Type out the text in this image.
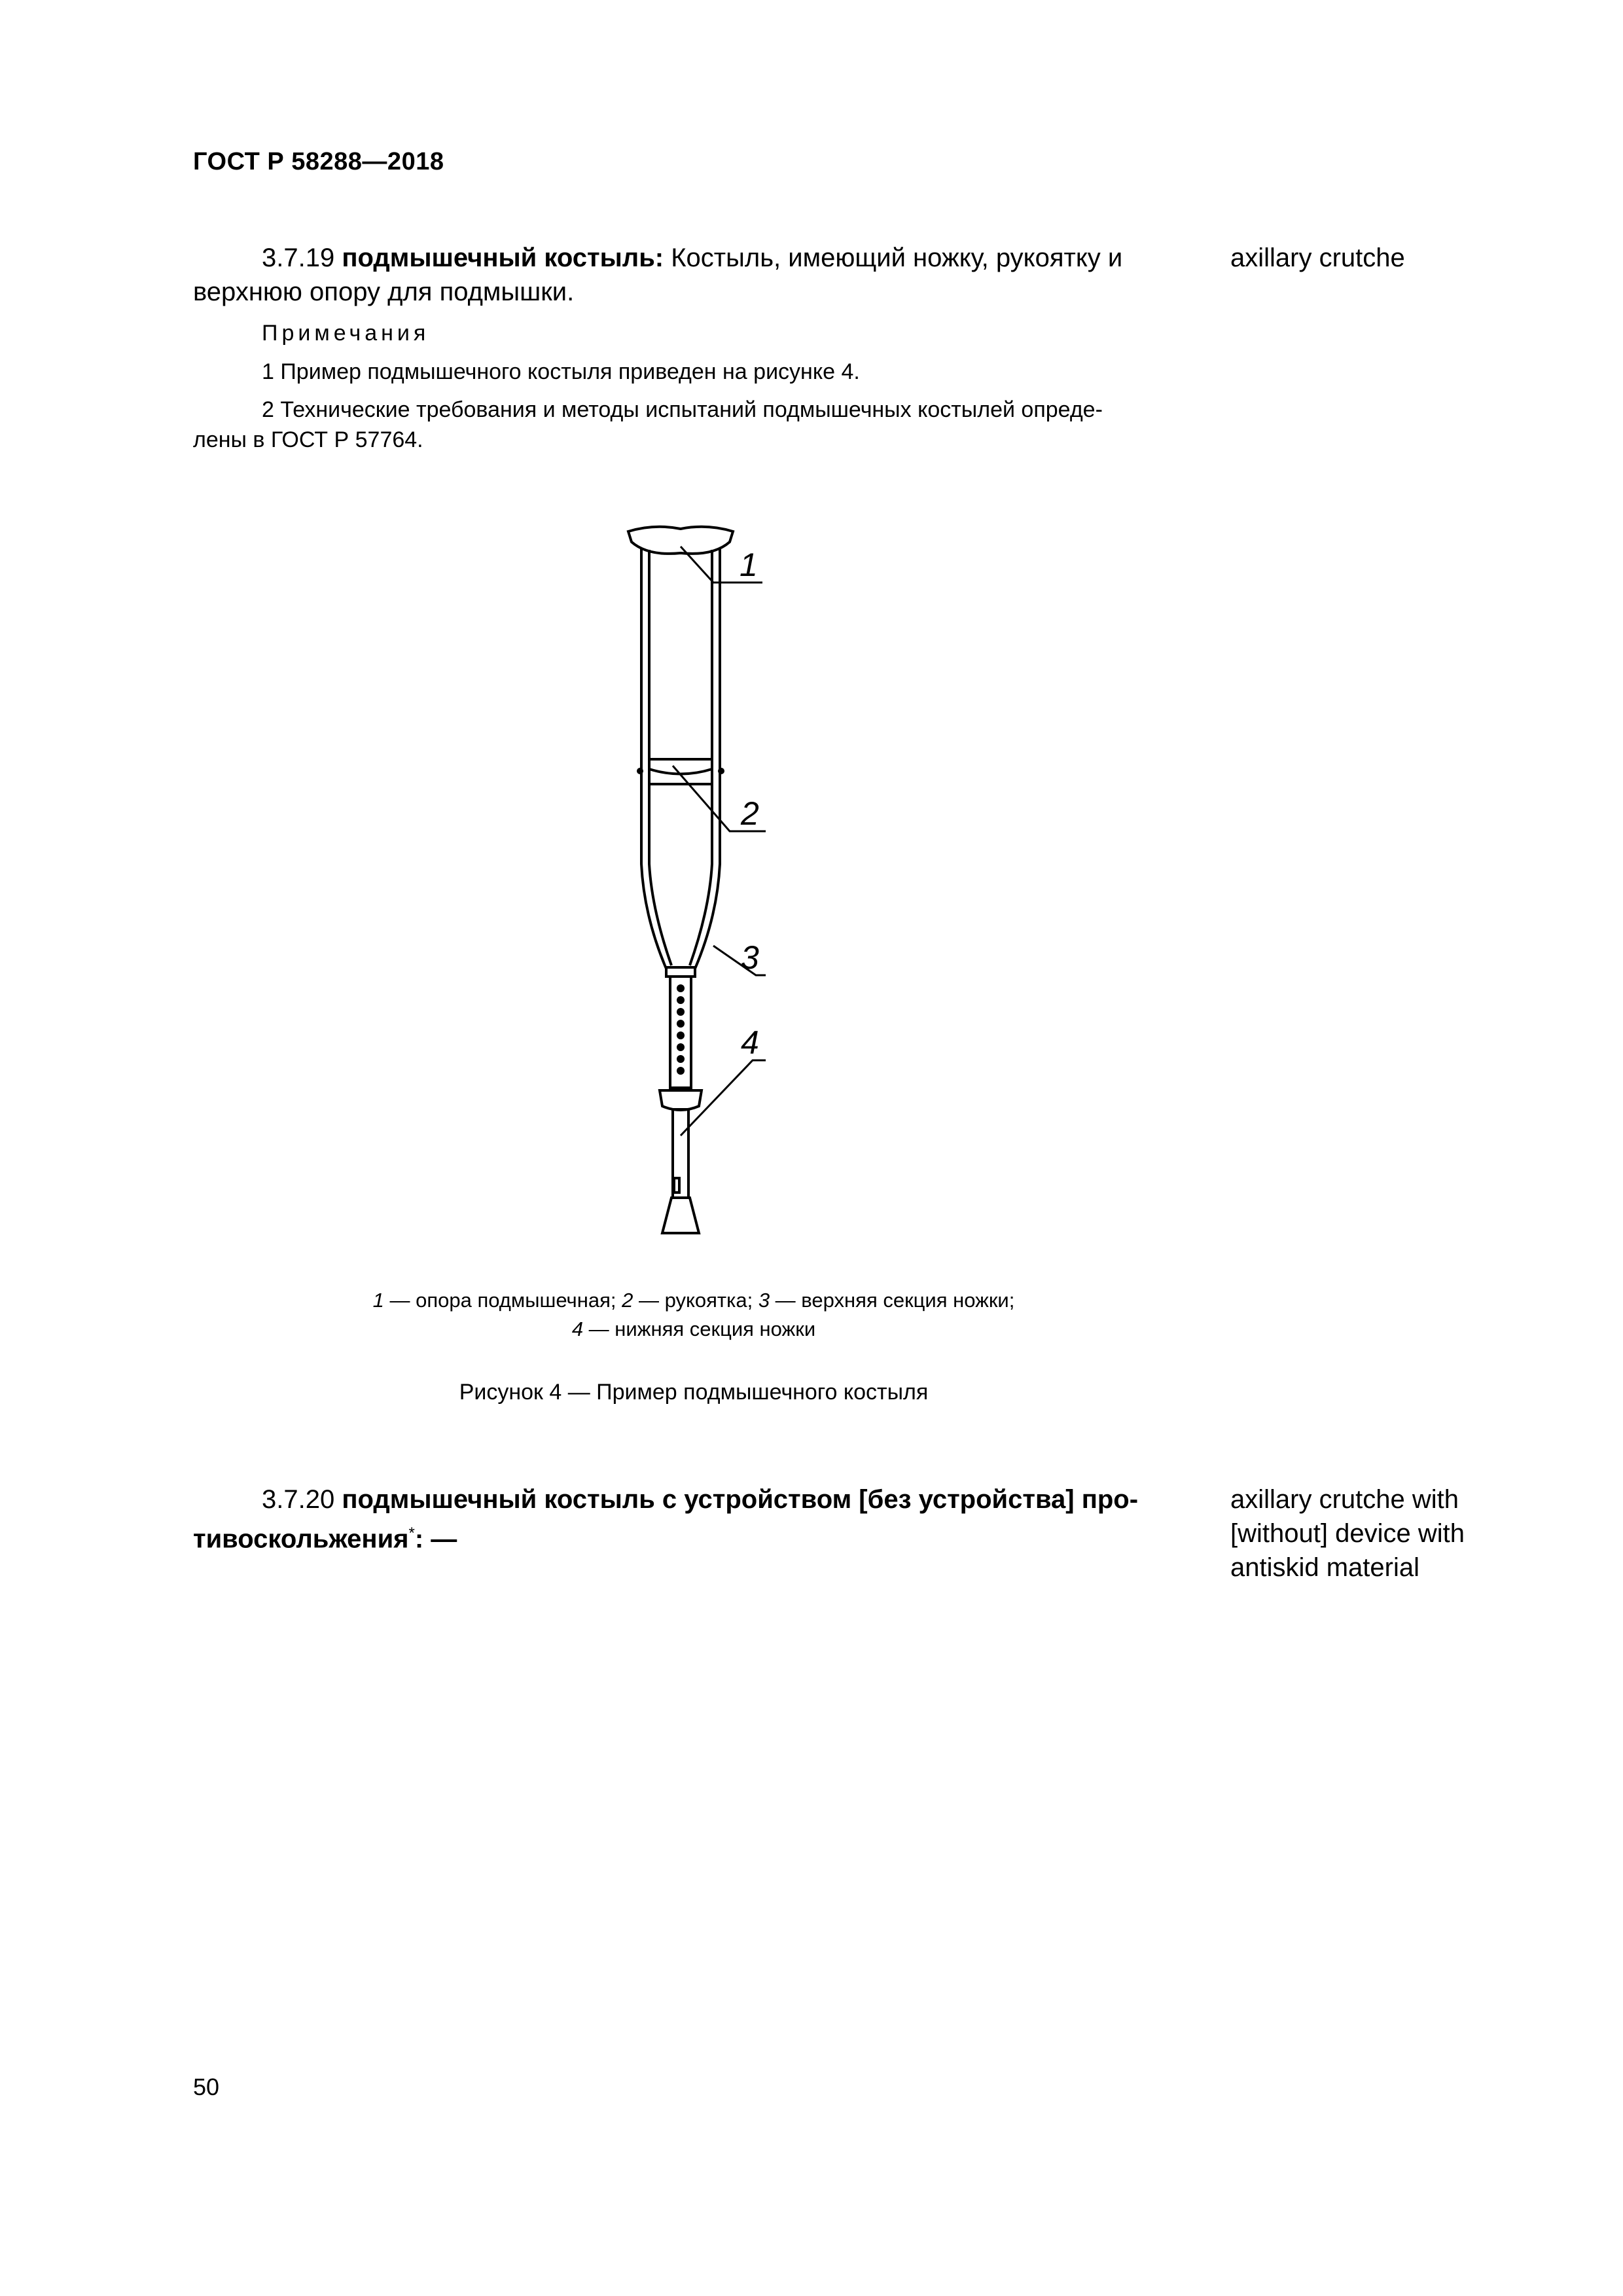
ГОСТ Р 58288—2018
3.7.19 подмышечный костыль: Костыль, имеющий ножку, рукоятку и
верхнюю опору для подмышки.
axillary crutche
Примечания
1 Пример подмышечного костыля приведен на рисунке 4.
2 Технические требования и методы испытаний подмышечных костылей опреде-
лены в ГОСТ Р 57764.
1
2
3
4
1 — опора подмышечная; 2 — рукоятка; 3 — верхняя секция ножки;
4 — нижняя секция ножки
Рисунок 4 — Пример подмышечного костыля
3.7.20 подмышечный костыль с устройством [без устройства] про-
тивоскольжения*: —
axillary crutche with
[without] device with
antiskid material
50
